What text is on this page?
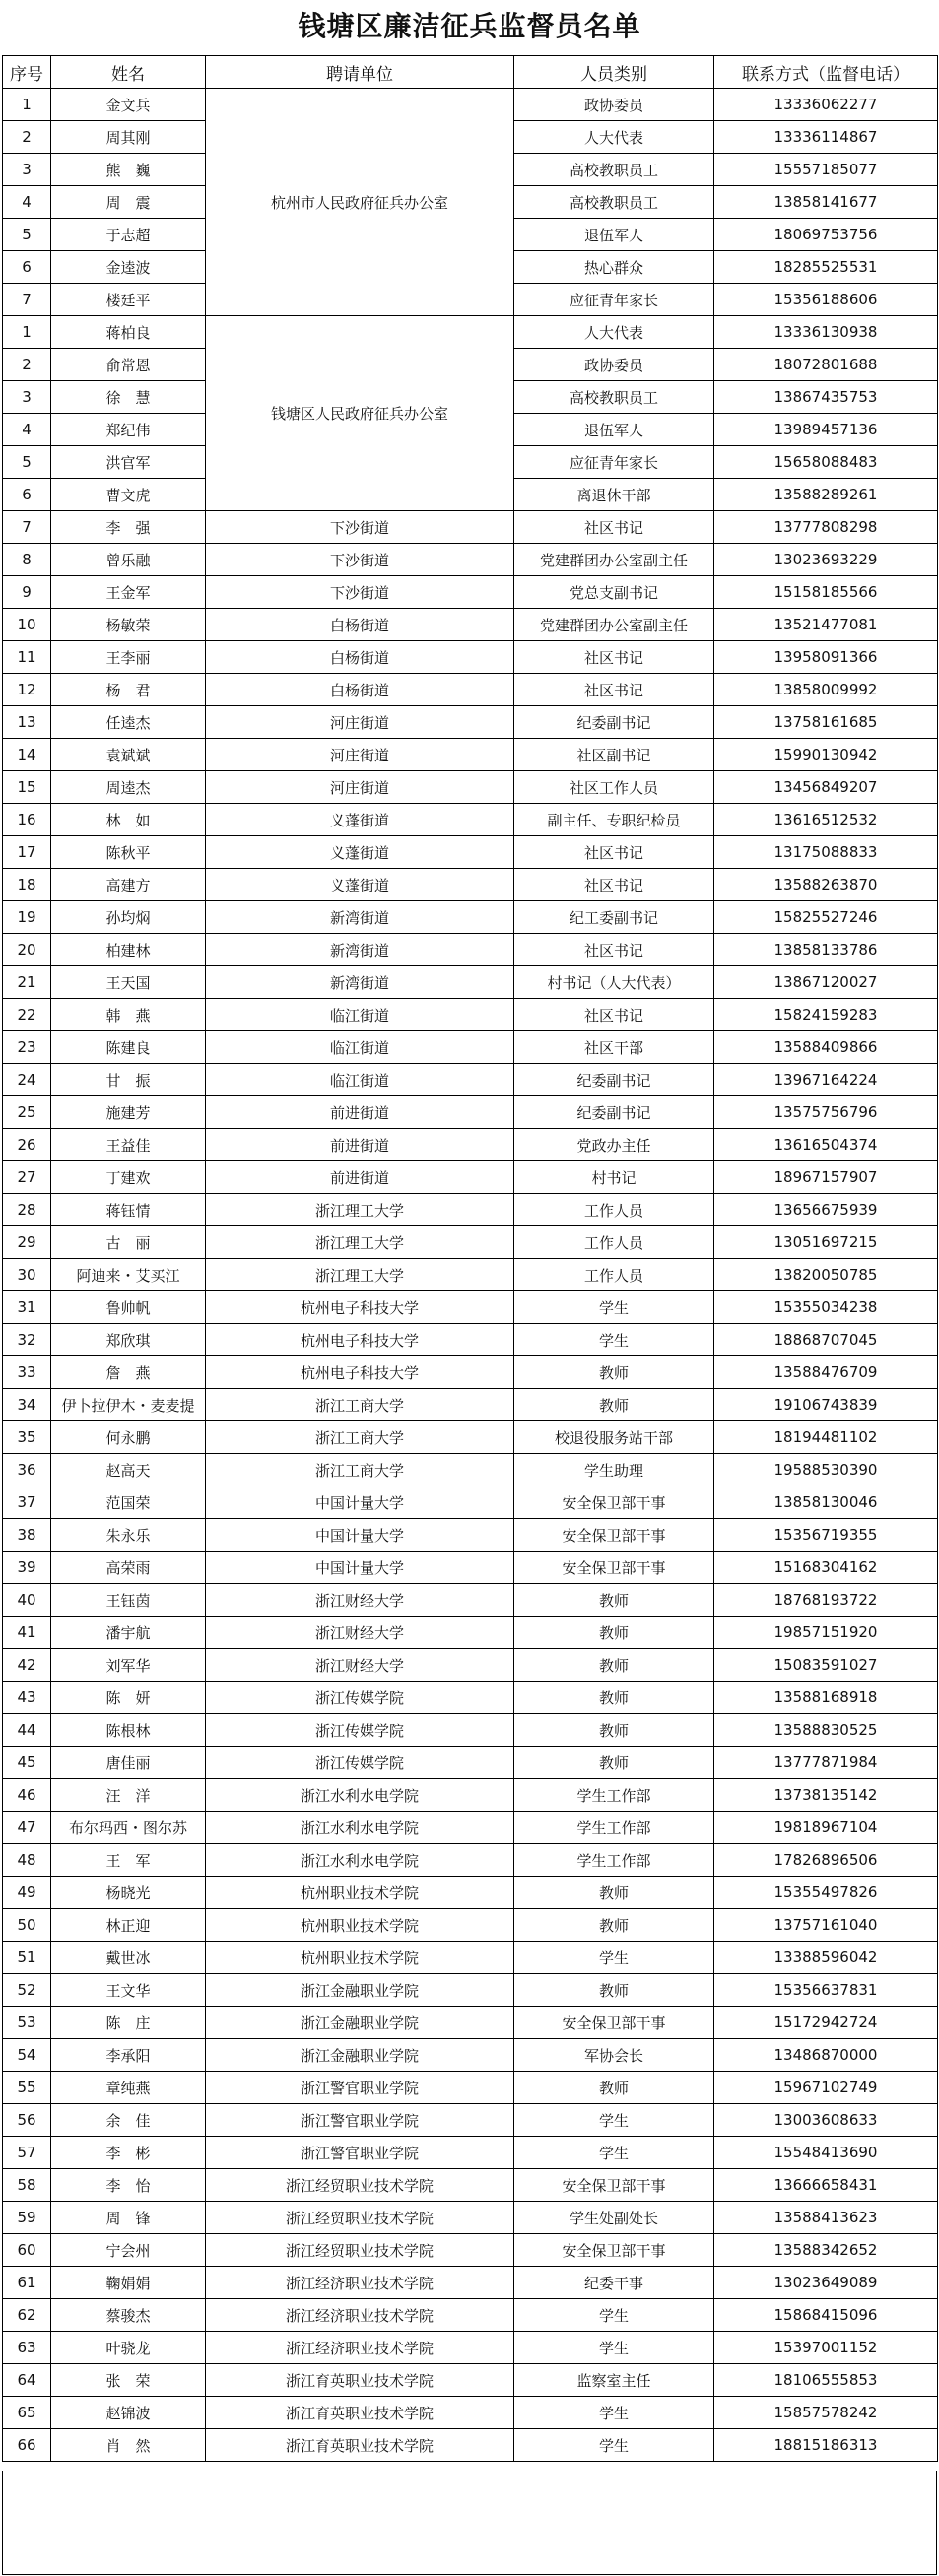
钱塘区廉洁征兵监督员名单
序号	姓名	聘请单位	人员类别	联系方式（监督电话）
1	金文兵	杭州市人民政府征兵办公室	政协委员	13336062277
2	周其刚		人大代表	13336114867
3	熊　巍		高校教职员工	15557185077
4	周　震		高校教职员工	13858141677
5	于志超		退伍军人	18069753756
6	金逵波		热心群众	18285525531
7	楼廷平		应征青年家长	15356188606
1	蒋柏良	钱塘区人民政府征兵办公室	人大代表	13336130938
2	俞常恩		政协委员	18072801688
3	徐　慧		高校教职员工	13867435753
4	郑纪伟		退伍军人	13989457136
5	洪官军		应征青年家长	15658088483
6	曹文虎		离退休干部	13588289261
7	李　强	下沙街道	社区书记	13777808298
8	曾乐融	下沙街道	党建群团办公室副主任	13023693229
9	王金军	下沙街道	党总支副书记	15158185566
10	杨敏荣	白杨街道	党建群团办公室副主任	13521477081
11	王李丽	白杨街道	社区书记	13958091366
12	杨　君	白杨街道	社区书记	13858009992
13	任逵杰	河庄街道	纪委副书记	13758161685
14	袁斌斌	河庄街道	社区副书记	15990130942
15	周逵杰	河庄街道	社区工作人员	13456849207
16	林　如	义蓬街道	副主任、专职纪检员	13616512532
17	陈秋平	义蓬街道	社区书记	13175088833
18	高建方	义蓬街道	社区书记	13588263870
19	孙均焖	新湾街道	纪工委副书记	15825527246
20	柏建林	新湾街道	社区书记	13858133786
21	王天国	新湾街道	村书记（人大代表）	13867120027
22	韩　燕	临江街道	社区书记	15824159283
23	陈建良	临江街道	社区干部	13588409866
24	甘　振	临江街道	纪委副书记	13967164224
25	施建芳	前进街道	纪委副书记	13575756796
26	王益佳	前进街道	党政办主任	13616504374
27	丁建欢	前进街道	村书记	18967157907
28	蒋钰情	浙江理工大学	工作人员	13656675939
29	古　丽	浙江理工大学	工作人员	13051697215
30	阿迪来・艾买江	浙江理工大学	工作人员	13820050785
31	鲁帅帆	杭州电子科技大学	学生	15355034238
32	郑欣琪	杭州电子科技大学	学生	18868707045
33	詹　燕	杭州电子科技大学	教师	13588476709
34	伊卜拉伊木・麦麦提	浙江工商大学	教师	19106743839
35	何永鹏	浙江工商大学	校退役服务站干部	18194481102
36	赵高天	浙江工商大学	学生助理	19588530390
37	范国荣	中国计量大学	安全保卫部干事	13858130046
38	朱永乐	中国计量大学	安全保卫部干事	15356719355
39	高荣雨	中国计量大学	安全保卫部干事	15168304162
40	王钰茵	浙江财经大学	教师	18768193722
41	潘宇航	浙江财经大学	教师	19857151920
42	刘军华	浙江财经大学	教师	15083591027
43	陈　妍	浙江传媒学院	教师	13588168918
44	陈根林	浙江传媒学院	教师	13588830525
45	唐佳丽	浙江传媒学院	教师	13777871984
46	汪　洋	浙江水利水电学院	学生工作部	13738135142
47	布尔玛西・图尔苏	浙江水利水电学院	学生工作部	19818967104
48	王　军	浙江水利水电学院	学生工作部	17826896506
49	杨晓光	杭州职业技术学院	教师	15355497826
50	林正迎	杭州职业技术学院	教师	13757161040
51	戴世冰	杭州职业技术学院	学生	13388596042
52	王文华	浙江金融职业学院	教师	15356637831
53	陈　庄	浙江金融职业学院	安全保卫部干事	15172942724
54	李承阳	浙江金融职业学院	军协会长	13486870000
55	章纯燕	浙江警官职业学院	教师	15967102749
56	余　佳	浙江警官职业学院	学生	13003608633
57	李　彬	浙江警官职业学院	学生	15548413690
58	李　怡	浙江经贸职业技术学院	安全保卫部干事	13666658431
59	周　锋	浙江经贸职业技术学院	学生处副处长	13588413623
60	宁会州	浙江经贸职业技术学院	安全保卫部干事	13588342652
61	鞠娟娟	浙江经济职业技术学院	纪委干事	13023649089
62	蔡骏杰	浙江经济职业技术学院	学生	15868415096
63	叶骁龙	浙江经济职业技术学院	学生	15397001152
64	张　荣	浙江育英职业技术学院	监察室主任	18106555853
65	赵锦波	浙江育英职业技术学院	学生	15857578242
66	肖　然	浙江育英职业技术学院	学生	18815186313
